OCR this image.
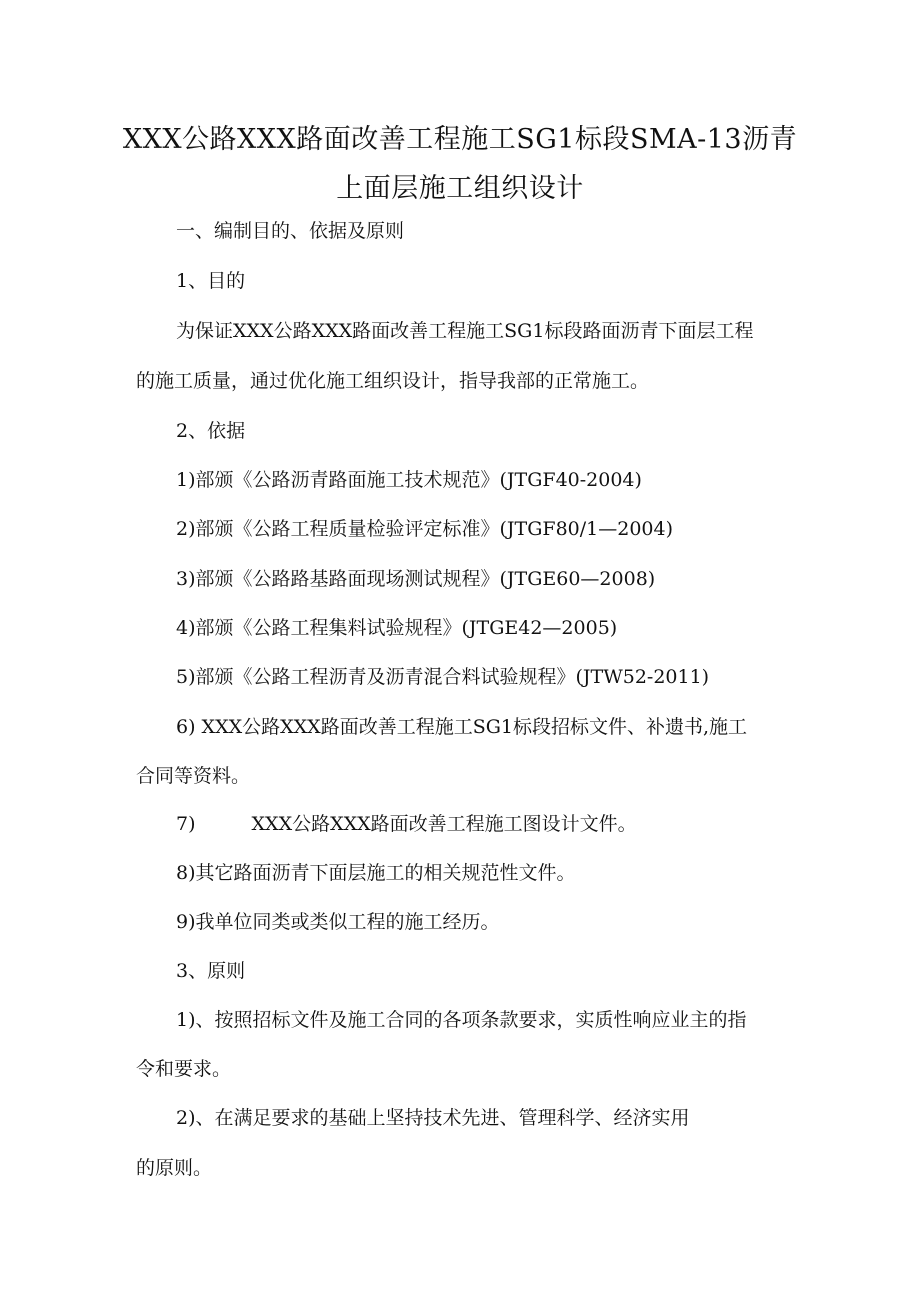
XXX公路XXX路面改善工程施工SG1标段SMA-13沥青
上面层施工组织设计
一、编制目的、依据及原则
1、目的
为保证XXX公路XXX路面改善工程施工SG1标段路面沥青下面层工程
的施工质量，通过优化施工组织设计，指导我部的正常施工。
2、依据
1)部颁《公路沥青路面施工技术规范》(JTGF40-2004)
2)部颁《公路工程质量检验评定标准》(JTGF80/1—2004)
3)部颁《公路路基路面现场测试规程》(JTGE60—2008)
4)部颁《公路工程集料试验规程》(JTGE42—2005)
5)部颁《公路工程沥青及沥青混合料试验规程》(JTW52-2011)
6) XXX公路XXX路面改善工程施工SG1标段招标文件、补遗书,施工
合同等资料。
7)	XXX公路XXX路面改善工程施工图设计文件。
8)其它路面沥青下面层施工的相关规范性文件。
9)我单位同类或类似工程的施工经历。
3、原则
1)、按照招标文件及施工合同的各项条款要求，实质性响应业主的指
令和要求。
2)、在满足要求的基础上坚持技术先进、管理科学、经济实用
的原则。
